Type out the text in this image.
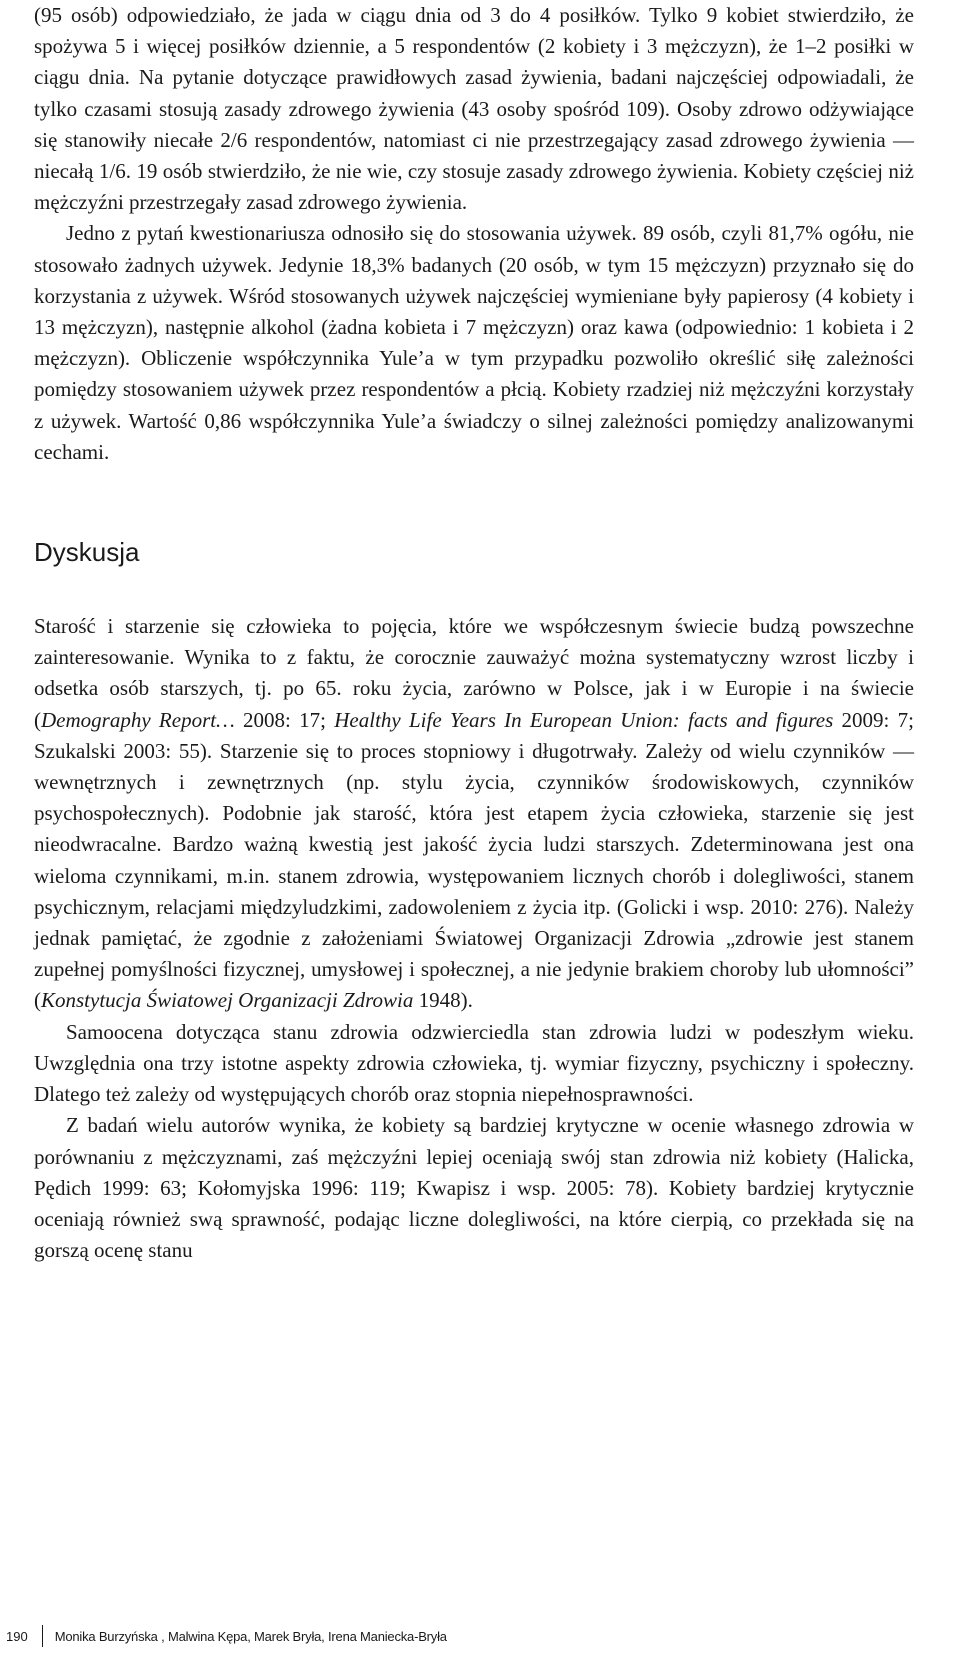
(95 osób) odpowiedziało, że jada w ciągu dnia od 3 do 4 posiłków. Tylko 9 kobiet stwierdziło, że spożywa 5 i więcej posiłków dziennie, a 5 respondentów (2 kobiety i 3 mężczyzn), że 1–2 posiłki w ciągu dnia. Na pytanie dotyczące prawidłowych zasad żywienia, badani najczęściej odpowiadali, że tylko czasami stosują zasady zdrowego żywienia (43 osoby spośród 109). Osoby zdrowo odżywiające się stanowiły niecałe 2/6 respondentów, natomiast ci nie przestrzegający zasad zdrowego żywienia — niecałą 1/6. 19 osób stwierdziło, że nie wie, czy stosuje zasady zdrowego żywienia. Kobiety częściej niż mężczyźni przestrzegały zasad zdrowego żywienia.

Jedno z pytań kwestionariusza odnosiło się do stosowania używek. 89 osób, czyli 81,7% ogółu, nie stosowało żadnych używek. Jedynie 18,3% badanych (20 osób, w tym 15 mężczyzn) przyznało się do korzystania z używek. Wśród stosowanych używek najczęściej wymieniane były papierosy (4 kobiety i 13 mężczyzn), następnie alkohol (żadna kobieta i 7 mężczyzn) oraz kawa (odpowiednio: 1 kobieta i 2 mężczyzn). Obliczenie współczynnika Yule’a w tym przypadku pozwoliło określić siłę zależności pomiędzy stosowaniem używek przez respondentów a płcią. Kobiety rzadziej niż mężczyźni korzystały z używek. Wartość 0,86 współczynnika Yule’a świadczy o silnej zależności pomiędzy analizowanymi cechami.

Dyskusja

Starość i starzenie się człowieka to pojęcia, które we współczesnym świecie budzą powszechne zainteresowanie. Wynika to z faktu, że corocznie zauważyć można systematyczny wzrost liczby i odsetka osób starszych, tj. po 65. roku życia, zarówno w Polsce, jak i w Europie i na świecie (Demography Report… 2008: 17; Healthy Life Years In European Union: facts and figures 2009: 7; Szukalski 2003: 55). Starzenie się to proces stopniowy i długotrwały. Zależy od wielu czynników — wewnętrznych i zewnętrznych (np. stylu życia, czynników środowiskowych, czynników psychospołecznych). Podobnie jak starość, która jest etapem życia człowieka, starzenie się jest nieodwracalne. Bardzo ważną kwestią jest jakość życia ludzi starszych. Zdeterminowana jest ona wieloma czynnikami, m.in. stanem zdrowia, występowaniem licznych chorób i dolegliwości, stanem psychicznym, relacjami międzyludzkimi, zadowoleniem z życia itp. (Golicki i wsp. 2010: 276). Należy jednak pamiętać, że zgodnie z założeniami Światowej Organizacji Zdrowia „zdrowie jest stanem zupełnej pomyślności fizycznej, umysłowej i społecznej, a nie jedynie brakiem choroby lub ułomności” (Konstytucja Światowej Organizacji Zdrowia 1948).

Samoocena dotycząca stanu zdrowia odzwierciedla stan zdrowia ludzi w podeszłym wieku. Uwzględnia ona trzy istotne aspekty zdrowia człowieka, tj. wymiar fizyczny, psychiczny i społeczny. Dlatego też zależy od występujących chorób oraz stopnia niepełnosprawności.

Z badań wielu autorów wynika, że kobiety są bardziej krytyczne w ocenie własnego zdrowia w porównaniu z mężczyznami, zaś mężczyźni lepiej oceniają swój stan zdrowia niż kobiety (Halicka, Pędich 1999: 63; Kołomyjska 1996: 119; Kwapisz i wsp. 2005: 78). Kobiety bardziej krytycznie oceniają również swą sprawność, podając liczne dolegliwości, na które cierpią, co przekłada się na gorszą ocenę stanu

190 Monika Burzyńska , Malwina Kępa, Marek Bryła, Irena Maniecka-Bryła
